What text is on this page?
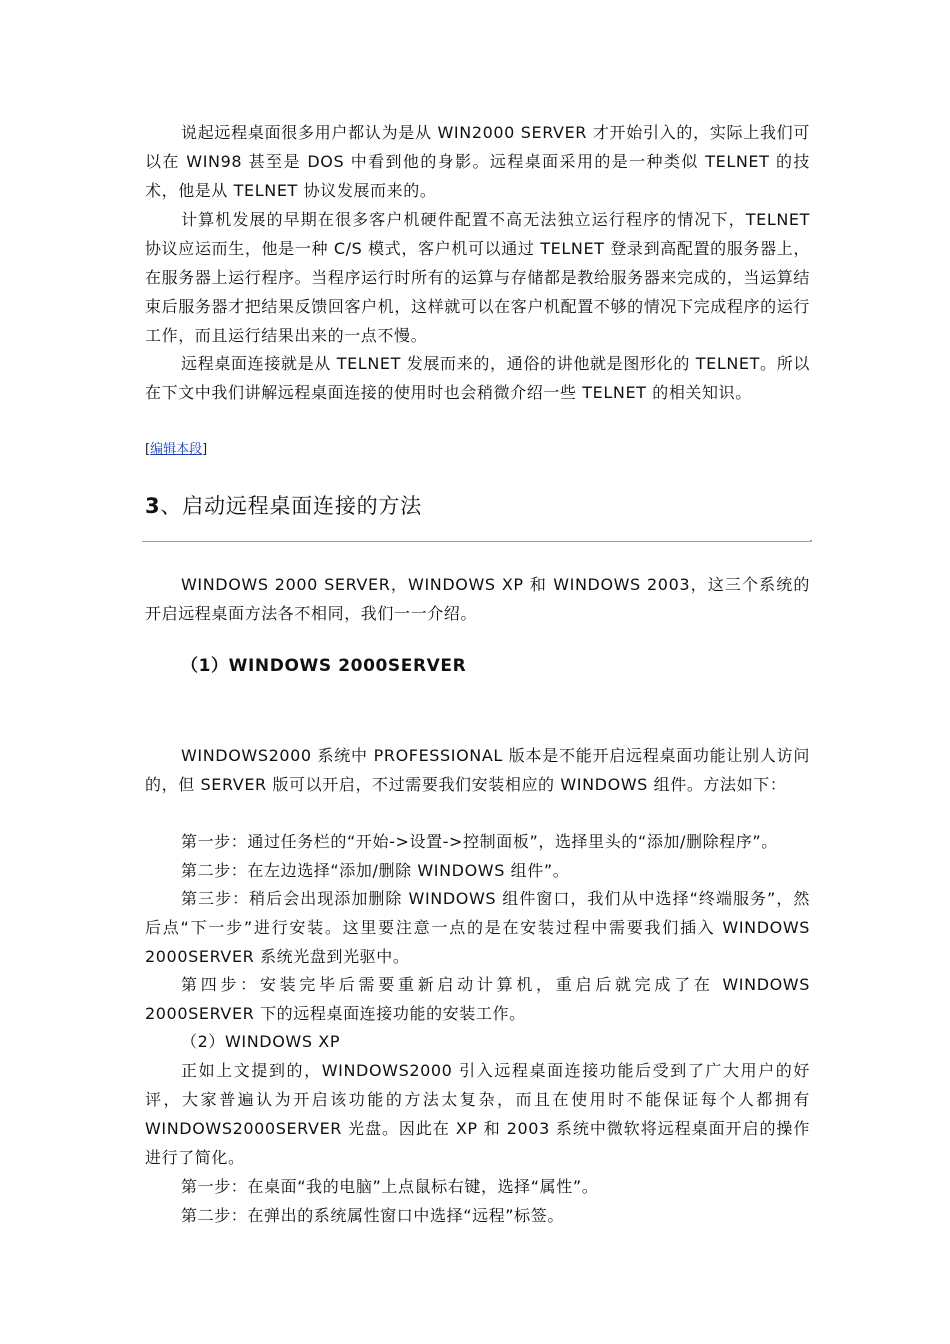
说起远程桌面很多用户都认为是从 WIN2000 SERVER 才开始引入的，实际上我们可以在 WIN98 甚至是 DOS 中看到他的身影。远程桌面采用的是一种类似 TELNET 的技术，他是从 TELNET 协议发展而来的。

计算机发展的早期在很多客户机硬件配置不高无法独立运行程序的情况下，TELNET 协议应运而生，他是一种 C/S 模式，客户机可以通过 TELNET 登录到高配置的服务器上，在服务器上运行程序。当程序运行时所有的运算与存储都是教给服务器来完成的，当运算结束后服务器才把结果反馈回客户机，这样就可以在客户机配置不够的情况下完成程序的运行工作，而且运行结果出来的一点不慢。

远程桌面连接就是从 TELNET 发展而来的，通俗的讲他就是图形化的 TELNET。所以在下文中我们讲解远程桌面连接的使用时也会稍微介绍一些 TELNET 的相关知识。

[编辑本段]
3、启动远程桌面连接的方法

WINDOWS 2000 SERVER，WINDOWS XP 和 WINDOWS 2003，这三个系统的开启远程桌面方法各不相同，我们一一介绍。

（1）WINDOWS 2000SERVER

WINDOWS2000 系统中 PROFESSIONAL 版本是不能开启远程桌面功能让别人访问的，但 SERVER 版可以开启，不过需要我们安装相应的 WINDOWS 组件。方法如下：

第一步：通过任务栏的“开始->设置->控制面板”，选择里头的“添加/删除程序”。

第二步：在左边选择“添加/删除 WINDOWS 组件”。

第三步：稍后会出现添加删除 WINDOWS 组件窗口，我们从中选择“终端服务”，然后点“下一步”进行安装。这里要注意一点的是在安装过程中需要我们插入 WINDOWS 2000SERVER 系统光盘到光驱中。

第四步：安装完毕后需要重新启动计算机，重启后就完成了在 WINDOWS 2000SERVER 下的远程桌面连接功能的安装工作。

（2）WINDOWS XP

正如上文提到的，WINDOWS2000 引入远程桌面连接功能后受到了广大用户的好评，大家普遍认为开启该功能的方法太复杂，而且在使用时不能保证每个人都拥有 WINDOWS2000SERVER 光盘。因此在 XP 和 2003 系统中微软将远程桌面开启的操作进行了简化。

第一步：在桌面“我的电脑”上点鼠标右键，选择“属性”。

第二步：在弹出的系统属性窗口中选择“远程”标签。
